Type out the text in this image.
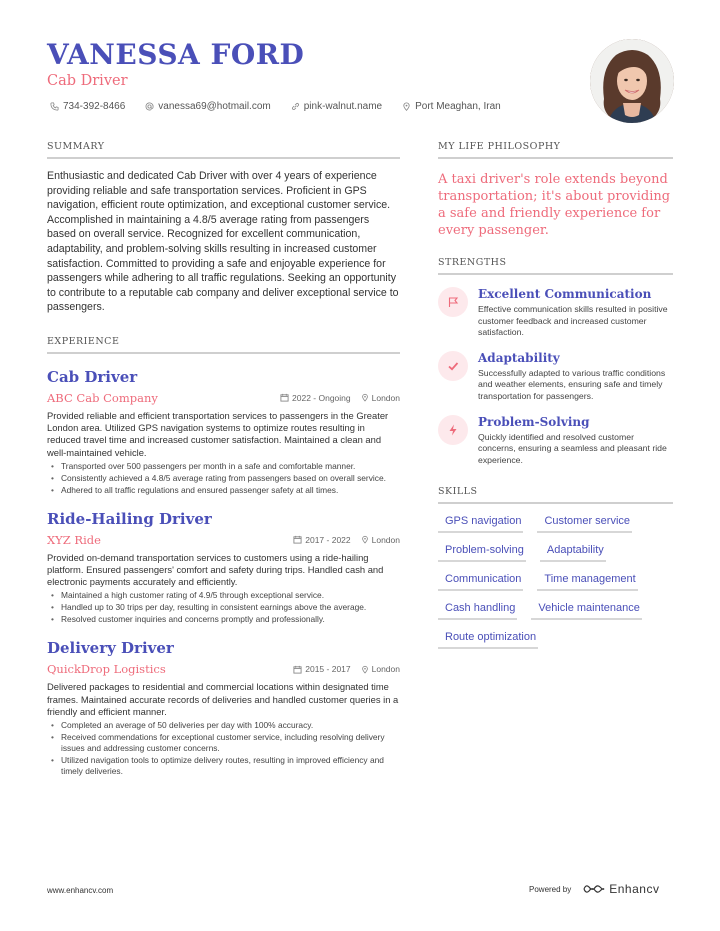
VANESSA FORD
Cab Driver
734-392-8466	vanessa69@hotmail.com	pink-walnut.name	Port Meaghan, Iran
SUMMARY

Enthusiastic and dedicated Cab Driver with over 4 years of experience providing reliable and safe transportation services. Proficient in GPS navigation, efficient route optimization, and exceptional customer service. Accomplished in maintaining a 4.8/5 average rating from passengers based on overall service. Recognized for excellent communication, adaptability, and problem-solving skills resulting in increased customer satisfaction. Committed to providing a safe and enjoyable experience for passengers while adhering to all traffic regulations. Seeking an opportunity to contribute to a reputable cab company and deliver exceptional service to passengers.

EXPERIENCE
Cab Driver
ABC Cab Company	2022 - Ongoing London

Provided reliable and efficient transportation services to passengers in the Greater London area. Utilized GPS navigation systems to optimize routes resulting in reduced travel time and increased customer satisfaction. Maintained a clean and well-maintained vehicle.

• Transported over 500 passengers per month in a safe and comfortable manner.
• Consistently achieved a 4.8/5 average rating from passengers based on overall service.
• Adhered to all traffic regulations and ensured passenger safety at all times.
Ride-Hailing Driver
XYZ Ride	2017 - 2022 London

Provided on-demand transportation services to customers using a ride-hailing platform. Ensured passengers' comfort and safety during trips. Handled cash and electronic payments accurately and efficiently.

• Maintained a high customer rating of 4.9/5 through exceptional service.
• Handled up to 30 trips per day, resulting in consistent earnings above the average.
• Resolved customer inquiries and concerns promptly and professionally.
Delivery Driver
QuickDrop Logistics	2015 - 2017 London

Delivered packages to residential and commercial locations within designated time frames. Maintained accurate records of deliveries and handled customer queries in a friendly and efficient manner.

• Completed an average of 50 deliveries per day with 100% accuracy.
• Received commendations for exceptional customer service, including resolving delivery issues and addressing customer concerns.
• Utilized navigation tools to optimize delivery routes, resulting in improved efficiency and timely deliveries.
MY LIFE PHILOSOPHY

A taxi driver's role extends beyond transportation; it's about providing a safe and friendly experience for every passenger.

STRENGTHS
Excellent Communication
Effective communication skills resulted in positive customer feedback and increased customer satisfaction.
Adaptability
Successfully adapted to various traffic conditions and weather elements, ensuring safe and timely transportation for passengers.
Problem-Solving
Quickly identified and resolved customer concerns, ensuring a seamless and pleasant ride experience.
SKILLS
GPS navigation	Customer service
Problem-solving	Adaptability
Communication	Time management
Cash handling	Vehicle maintenance
Route optimization
www.enhancv.com	Powered by	Enhancv
